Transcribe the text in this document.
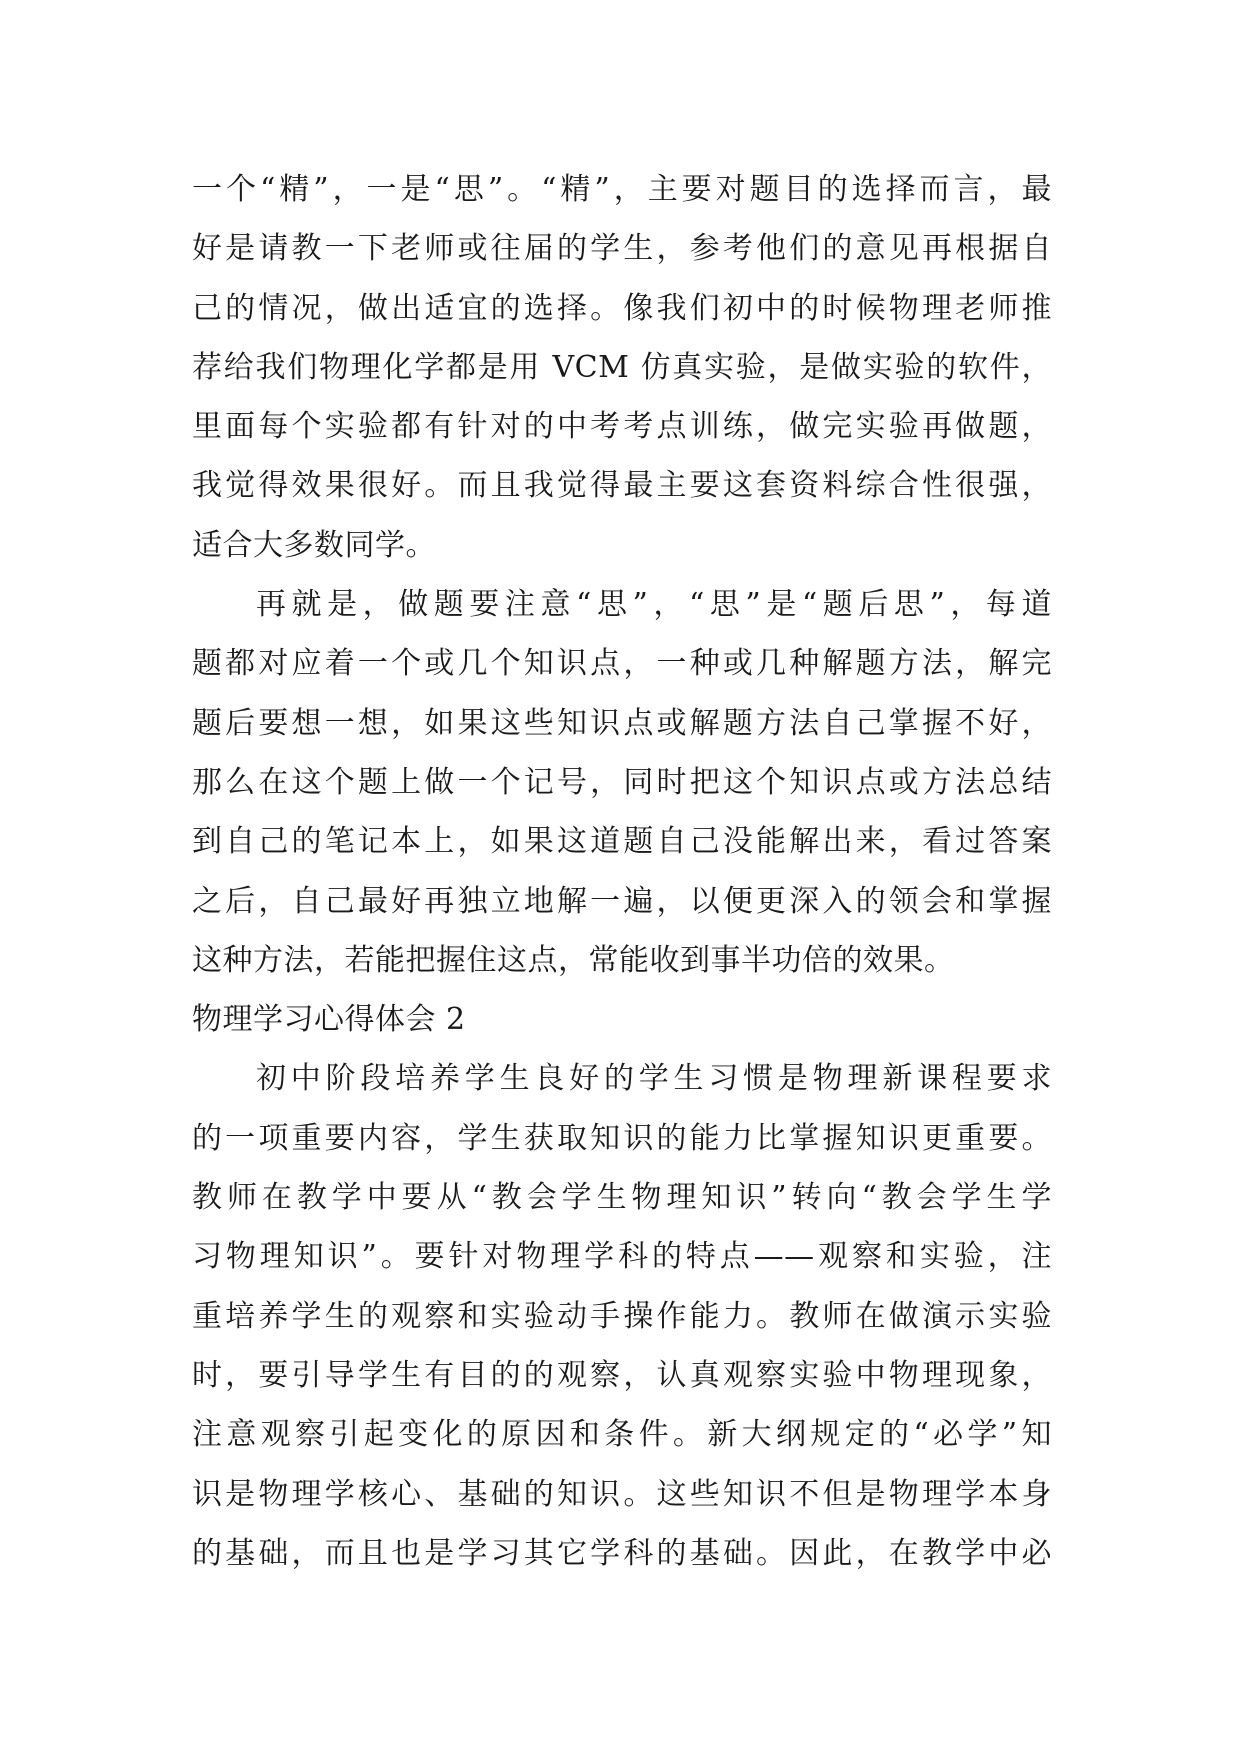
一个“精”，一是“思”。“精”，主要对题目的选择而言，最
好是请教一下老师或往届的学生，参考他们的意见再根据自
己的情况，做出适宜的选择。像我们初中的时候物理老师推
荐给我们物理化学都是用 VCM 仿真实验，是做实验的软件，
里面每个实验都有针对的中考考点训练，做完实验再做题，
我觉得效果很好。而且我觉得最主要这套资料综合性很强，
适合大多数同学。
再就是，做题要注意“思”，“思”是“题后思”，每道
题都对应着一个或几个知识点，一种或几种解题方法，解完
题后要想一想，如果这些知识点或解题方法自己掌握不好，
那么在这个题上做一个记号，同时把这个知识点或方法总结
到自己的笔记本上，如果这道题自己没能解出来，看过答案
之后，自己最好再独立地解一遍，以便更深入的领会和掌握
这种方法，若能把握住这点，常能收到事半功倍的效果。
物理学习心得体会 2
初中阶段培养学生良好的学生习惯是物理新课程要求
的一项重要内容，学生获取知识的能力比掌握知识更重要。
教师在教学中要从“教会学生物理知识”转向“教会学生学
习物理知识”。要针对物理学科的特点——观察和实验，注
重培养学生的观察和实验动手操作能力。教师在做演示实验
时，要引导学生有目的的观察，认真观察实验中物理现象，
注意观察引起变化的原因和条件。新大纲规定的“必学”知
识是物理学核心、基础的知识。这些知识不但是物理学本身
的基础，而且也是学习其它学科的基础。因此，在教学中必
